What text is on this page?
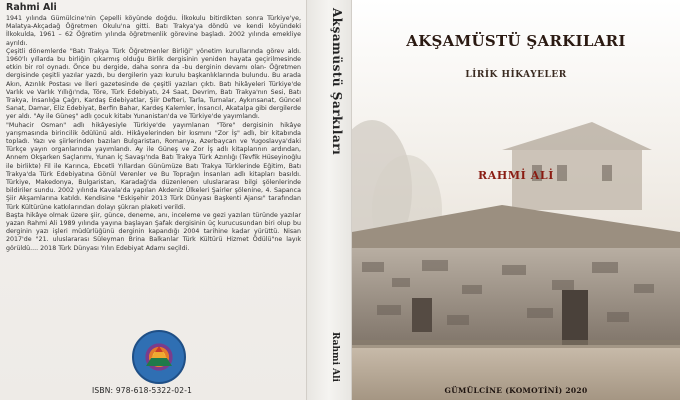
Rahmi Ali

1941 yılında Gümülcine'nin Çepelli köyünde doğdu. İlkokulu bitirdikten sonra Türkiye'ye, Malatya-Akçadağ Öğretmen Okulu'na gitti. Batı Trakya'ya döndü ve kendi köyündeki İlkokulda, 1961 – 62 Öğretim yılında öğretmenlik görevine başladı. 2002 yılında emekliye ayrıldı.

Çeşitli dönemlerde "Batı Trakya Türk Öğretmenler Birliği" yönetim kurullarında görev aldı. 1960'lı yıllarda bu birliğin çıkarmış olduğu Birlik dergisinin yeniden hayata geçirilmesinde etkin bir rol oynadı. Önce bu dergide, daha sonra da -bu derginin devamı olan- Öğretmen dergisinde çeşitli yazılar yazdı, bu dergilerin yazı kurulu başkanlıklarında bulundu. Bu arada Akın, Azınlık Postası ve İleri gazetesinde de çeşitli yazıları çıktı. Batı hikâyeleri Türkiye'de Varlık ve Varlık Yıllığı'nda, Töre, Türk Edebiyatı, 24 Saat, Devrim, Batı Trakya'nın Sesi, Batı Trakya, İnsanlığa Çağrı, Kardaş Edebiyatlar, Şiir Defteri, Tarla, Turnalar, Aykırısanat, Güncel Sanat, Damar, Eliz Edebiyat, Berfin Bahar, Kardeş Kalemler, İnsancıl, Akatalpa gibi dergilerde yer aldı. "Ay ile Güneş" adlı çocuk kitabı Yunanistan'da ve Türkiye'de yayımlandı.

"Muhacir Osman" adlı hikâyesiyle Türkiye'de yayımlanan "Töre" dergisinin hikâye yarışmasında birincilik ödülünü aldı. Hikâyelerinden bir kısmını "Zor İş" adlı, bir kitabında topladı. Yazı ve şiirlerinden bazıları Bulgaristan, Romanya, Azerbaycan ve Yugoslavya'daki Türkçe yayın organlarında yayımlandı. Ay ile Güneş ve Zor İş adlı kitaplarının ardından, Annem Okşarken Saçlarımı, Yunan İç Savaşı'nda Batı Trakya Türk Azınlığı (Tevfik Hüseyinoğlu ile birlikte) Fil ile Karınca, Ebcetli Yıllardan Günümüze Batı Trakya Türklerinde Eğitim, Batı Trakya'da Türk Edebiyatına Gönül Verenler ve Bu Toprağın İnsanları adlı kitapları basıldı. Türkiye, Makedonya, Bulgaristan, Karadağ'da düzenlenen uluslararası bilgi şölenlerinde bildiriler sundu. 2002 yılında Kavala'da yapılan Akdeniz Ülkeleri Şairler şölenine, 4. Sapanca Şiir Akşamlarına katıldı. Kendisine "Eskişehir 2013 Türk Dünyası Başkenti Ajansı" tarafından Türk Kültürüne katkılarından dolayı şükran plaketi verildi.

Başta hikâye olmak üzere şiir, günce, deneme, anı, inceleme ve gezi yazıları türünde yazılar yazan Rahmi Ali 1989 yılında yayına başlayan Şafak dergisinin üç kurucusundan biri olup bu derginin yazı işleri müdürlüğünü derginin kapandığı 2004 tarihine kadar yürüttü. Nisan 2017'de "21. uluslararası Süleyman Brina Balkanlar Türk Kültürü Hizmet Ödülü"ne layık görüldü.... 2018 Türk Dünyası Yılın Edebiyat Adamı seçildi.

ISBN: 978-618-5322-02-1
Akşamüstü Şarkıları
Rahmi Ali
AKŞAMÜSTÜ ŞARKILARI
LİRİK HİKAYELER
RAHMİ ALİ
GÜMÜLCİNE (KOMOTİNİ) 2020
